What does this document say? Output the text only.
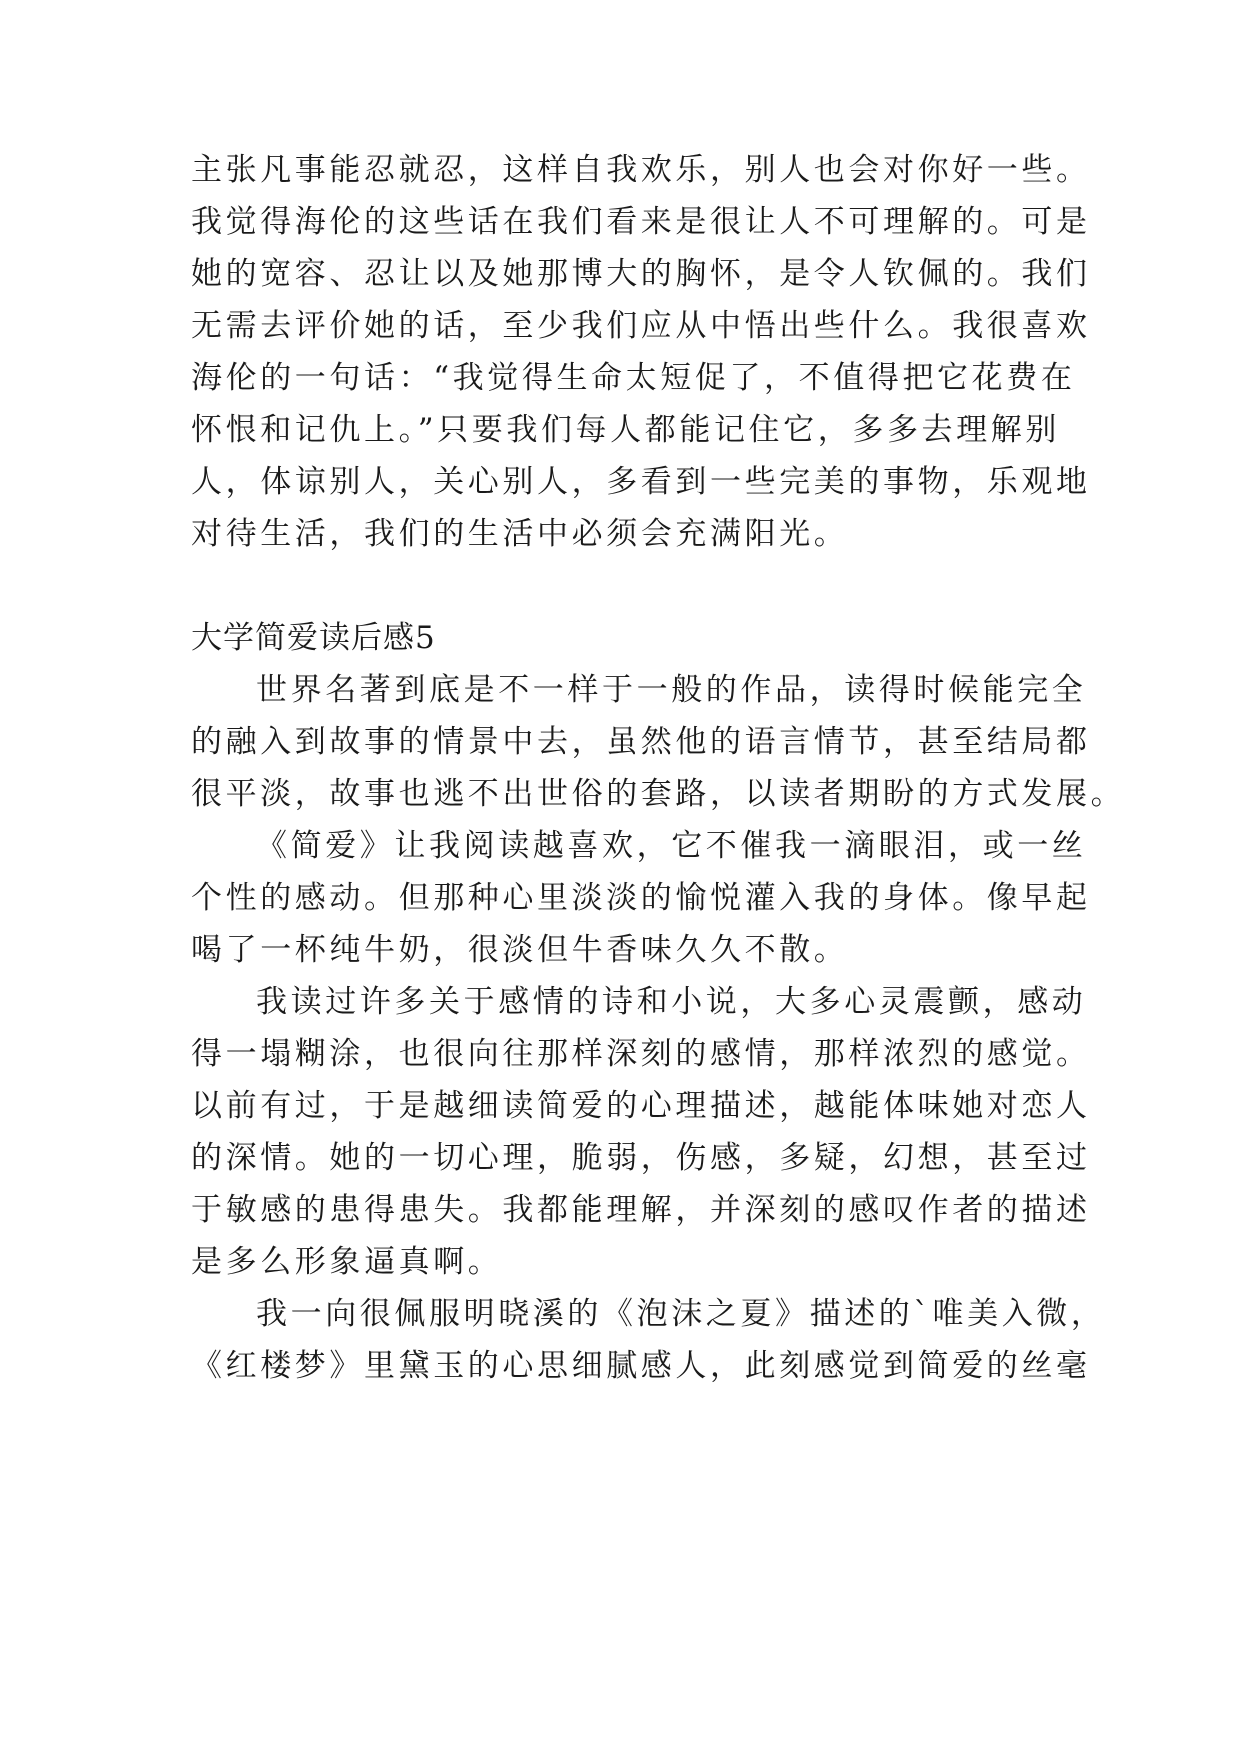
主张凡事能忍就忍，这样自我欢乐，别人也会对你好一些。

我觉得海伦的这些话在我们看来是很让人不可理解的。可是

她的宽容、忍让以及她那博大的胸怀，是令人钦佩的。我们

无需去评价她的话，至少我们应从中悟出些什么。我很喜欢

海伦的一句话：“我觉得生命太短促了，不值得把它花费在

怀恨和记仇上。”只要我们每人都能记住它，多多去理解别

人，体谅别人，关心别人，多看到一些完美的事物，乐观地

对待生活，我们的生活中必须会充满阳光。

大学简爱读后感5

世界名著到底是不一样于一般的作品，读得时候能完全

的融入到故事的情景中去，虽然他的语言情节，甚至结局都

很平淡，故事也逃不出世俗的套路，以读者期盼的方式发展。

《简爱》让我阅读越喜欢，它不催我一滴眼泪，或一丝

个性的感动。但那种心里淡淡的愉悦灌入我的身体。像早起

喝了一杯纯牛奶，很淡但牛香味久久不散。

我读过许多关于感情的诗和小说，大多心灵震颤，感动

得一塌糊涂，也很向往那样深刻的感情，那样浓烈的感觉。

以前有过，于是越细读简爱的心理描述，越能体味她对恋人

的深情。她的一切心理，脆弱，伤感，多疑，幻想，甚至过

于敏感的患得患失。我都能理解，并深刻的感叹作者的描述

是多么形象逼真啊。

我一向很佩服明晓溪的《泡沫之夏》描述的`唯美入微，

《红楼梦》里黛玉的心思细腻感人，此刻感觉到简爱的丝毫
